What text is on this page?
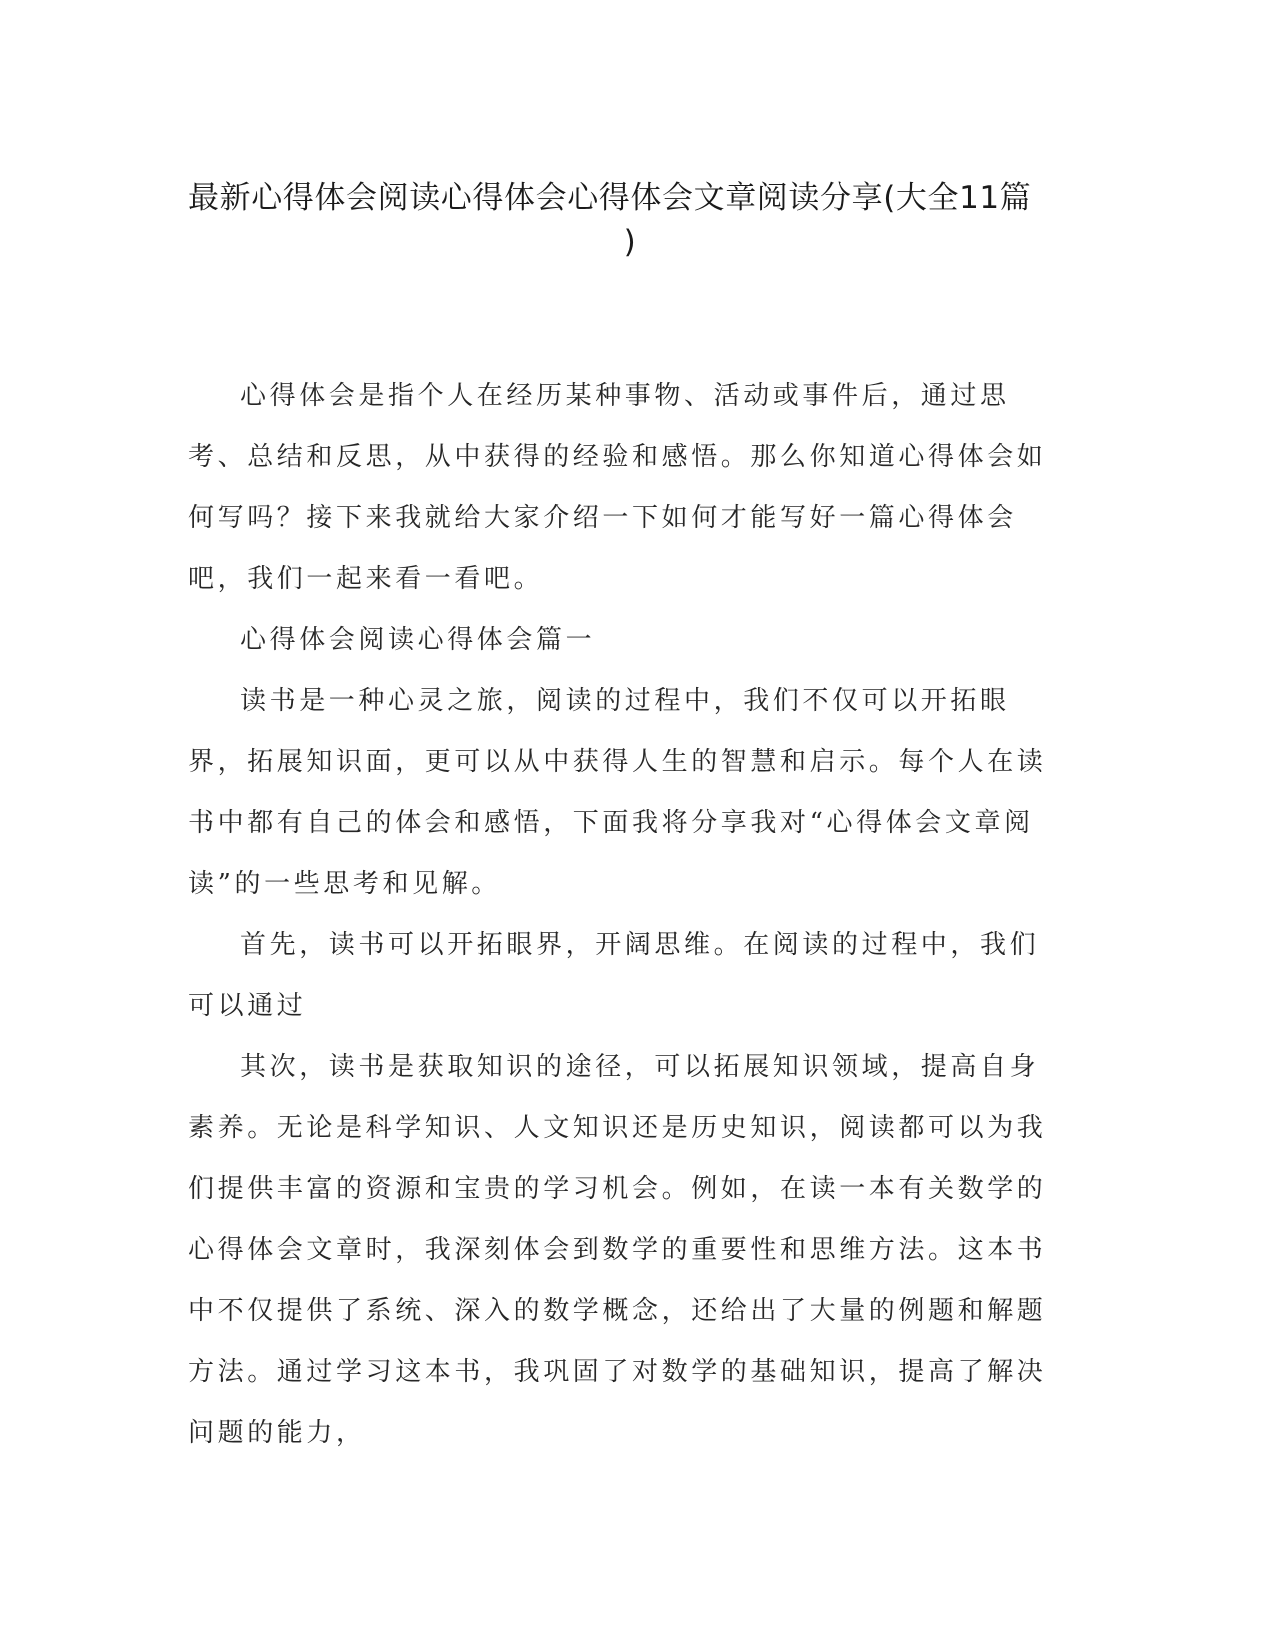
最新心得体会阅读心得体会心得体会文章阅读分享(大全11篇
)

心得体会是指个人在经历某种事物、活动或事件后，通过思考、总结和反思，从中获得的经验和感悟。那么你知道心得体会如何写吗？接下来我就给大家介绍一下如何才能写好一篇心得体会吧，我们一起来看一看吧。

心得体会阅读心得体会篇一

读书是一种心灵之旅，阅读的过程中，我们不仅可以开拓眼界，拓展知识面，更可以从中获得人生的智慧和启示。每个人在读书中都有自己的体会和感悟，下面我将分享我对“心得体会文章阅读”的一些思考和见解。

首先，读书可以开拓眼界，开阔思维。在阅读的过程中，我们可以通过

其次，读书是获取知识的途径，可以拓展知识领域，提高自身素养。无论是科学知识、人文知识还是历史知识，阅读都可以为我们提供丰富的资源和宝贵的学习机会。例如，在读一本有关数学的心得体会文章时，我深刻体会到数学的重要性和思维方法。这本书中不仅提供了系统、深入的数学概念，还给出了大量的例题和解题方法。通过学习这本书，我巩固了对数学的基础知识，提高了解决问题的能力，
